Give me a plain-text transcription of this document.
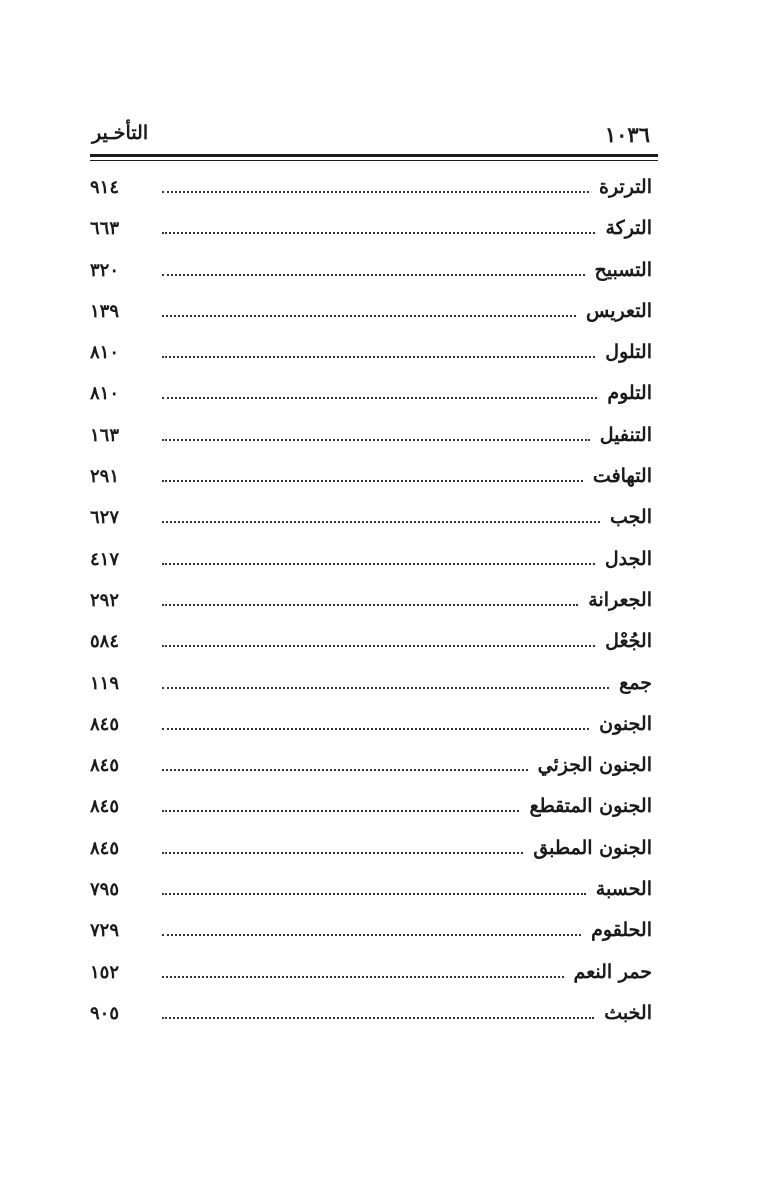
١٠٣٦
التأخـير
الترترة
٩١٤
التركة
٦٦٣
التسبيح
٣٢٠
التعريس
١٣٩
التلول
٨١٠
التلوم
٨١٠
التنفيل
١٦٣
التهافت
٢٩١
الجب
٦٢٧
الجدل
٤١٧
الجعرانة
٢٩٢
الجُعْل
٥٨٤
جمع
١١٩
الجنون
٨٤٥
الجنون الجزئي
٨٤٥
الجنون المتقطع
٨٤٥
الجنون المطبق
٨٤٥
الحسبة
٧٩٥
الحلقوم
٧٢٩
حمر النعم
١٥٢
الخبث
٩٠٥
